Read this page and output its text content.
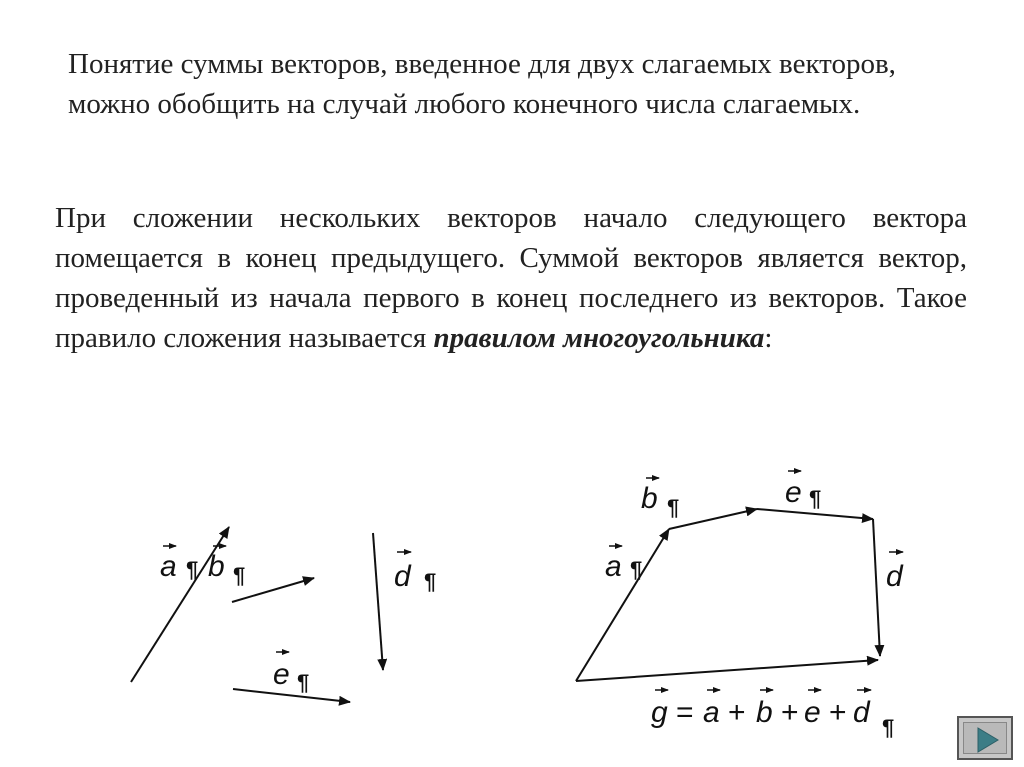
Понятие суммы векторов, введенное для двух слагаемых векторов, можно обобщить на случай любого конечного числа слагаемых.

При сложении нескольких векторов начало следующего вектора помещается в конец предыдущего. Суммой векторов является вектор, проведенный из начала первого в конец последнего из векторов. Такое правило сложения называется правилом многоугольника:

a ¶ b ¶	d ¶
e ¶
b ¶	e ¶
a ¶	d
g = a + b + e + d ¶
